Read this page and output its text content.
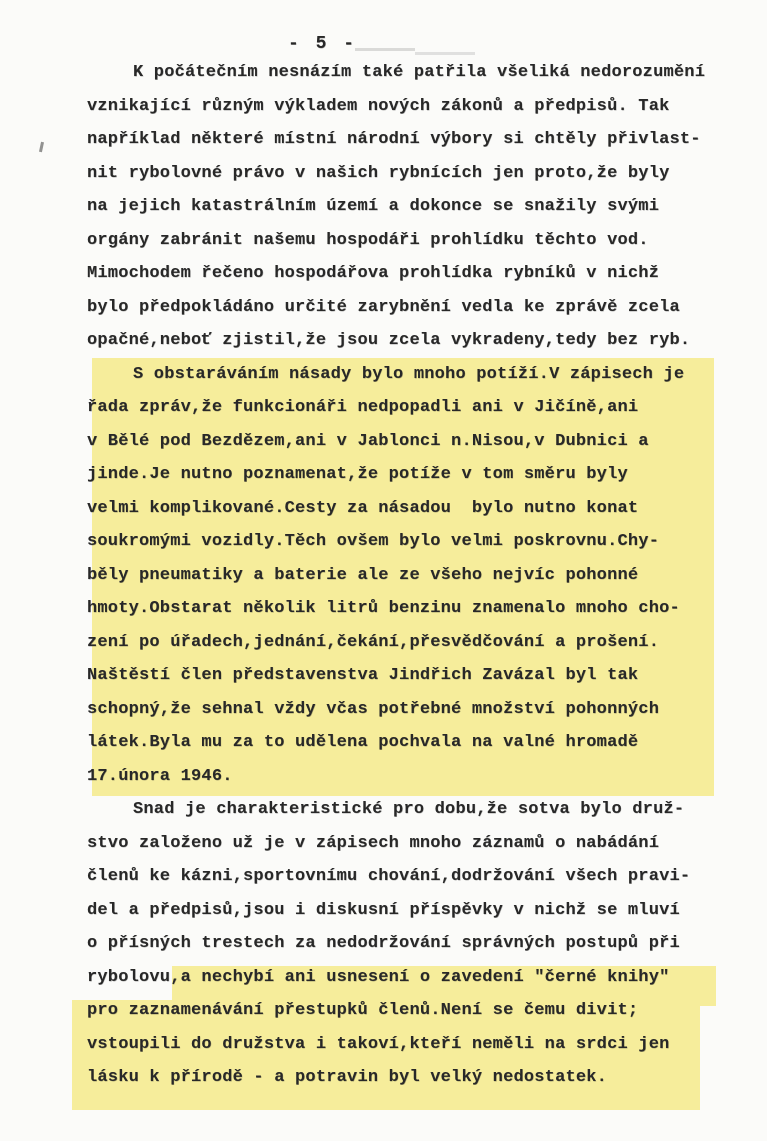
- 5 -
K počátečním nesnázím také patřila všeliká nedorozumění
vznikající různým výkladem nových zákonů a předpisů. Tak
například některé místní národní výbory si chtěly přivlast-
nit rybolovné právo v našich rybnících jen proto,že byly
na jejich katastrálním území a dokonce se snažily svými
orgány zabránit našemu hospodáři prohlídku těchto vod.
Mimochodem řečeno hospodářova prohlídka rybníků v nichž
bylo předpokládáno určité zarybnění vedla ke zprávě zcela
opačné,neboť zjistil,že jsou zcela vykradeny,tedy bez ryb.
S obstaráváním násady bylo mnoho potíží.V zápisech je
řada zpráv,že funkcionáři nedpopadli ani v Jičíně,ani
v Bělé pod Bezdězem,ani v Jablonci n.Nisou,v Dubnici a
jinde.Je nutno poznamenat,že potíže v tom směru byly
velmi komplikované.Cesty za násadou  bylo nutno konat
soukromými vozidly.Těch ovšem bylo velmi poskrovnu.Chy-
běly pneumatiky a baterie ale ze všeho nejvíc pohonné
hmoty.Obstarat několik litrů benzinu znamenalo mnoho cho-
zení po úřadech,jednání,čekání,přesvědčování a prošení.
Naštěstí člen představenstva Jindřich Zavázal byl tak
schopný,že sehnal vždy včas potřebné množství pohonných
látek.Byla mu za to udělena pochvala na valné hromadě
17.února 1946.
Snad je charakteristické pro dobu,že sotva bylo druž-
stvo založeno už je v zápisech mnoho záznamů o nabádání
členů ke kázni,sportovnímu chování,dodržování všech pravi-
del a předpisů,jsou i diskusní příspěvky v nichž se mluví
o přísných trestech za nedodržování správných postupů při
rybolovu,a nechybí ani usnesení o zavedení "černé knihy"
pro zaznamenávání přestupků členů.Není se čemu divit;
vstoupili do družstva i takoví,kteří neměli na srdci jen
lásku k přírodě - a potravin byl velký nedostatek.
